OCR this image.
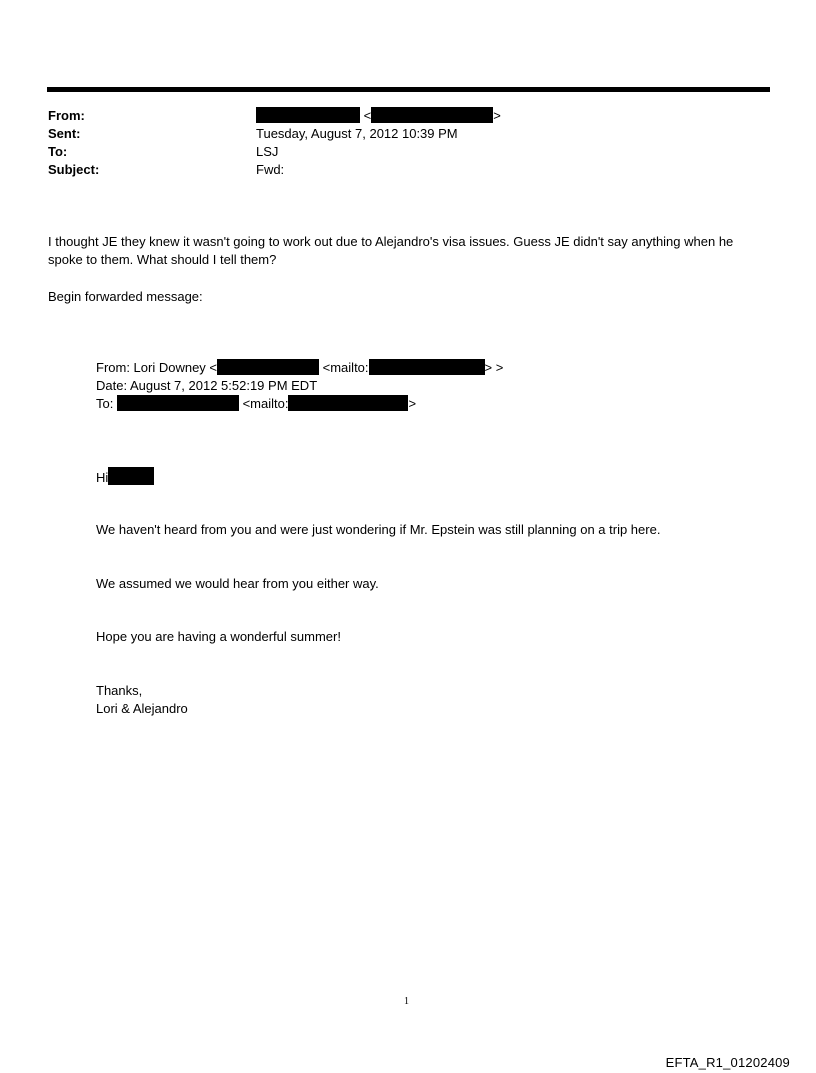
From:	<	>
Sent:	Tuesday, August 7, 2012 10:39 PM
To:	LSJ
Subject:	Fwd:
I thought JE they knew it wasn't going to work out due to Alejandro's visa issues. Guess JE didn't say anything when he spoke to them. What should I tell them?
Begin forwarded message:
From: Lori Downey <	<mailto:	> >
Date: August 7, 2012 5:52:19 PM EDT
To:	<mailto:	>
Hi
We haven't heard from you and were just wondering if Mr. Epstein was still planning on a trip here.
We assumed we would hear from you either way.
Hope you are having a wonderful summer!
Thanks,
Lori & Alejandro
1
EFTA_R1_01202409
